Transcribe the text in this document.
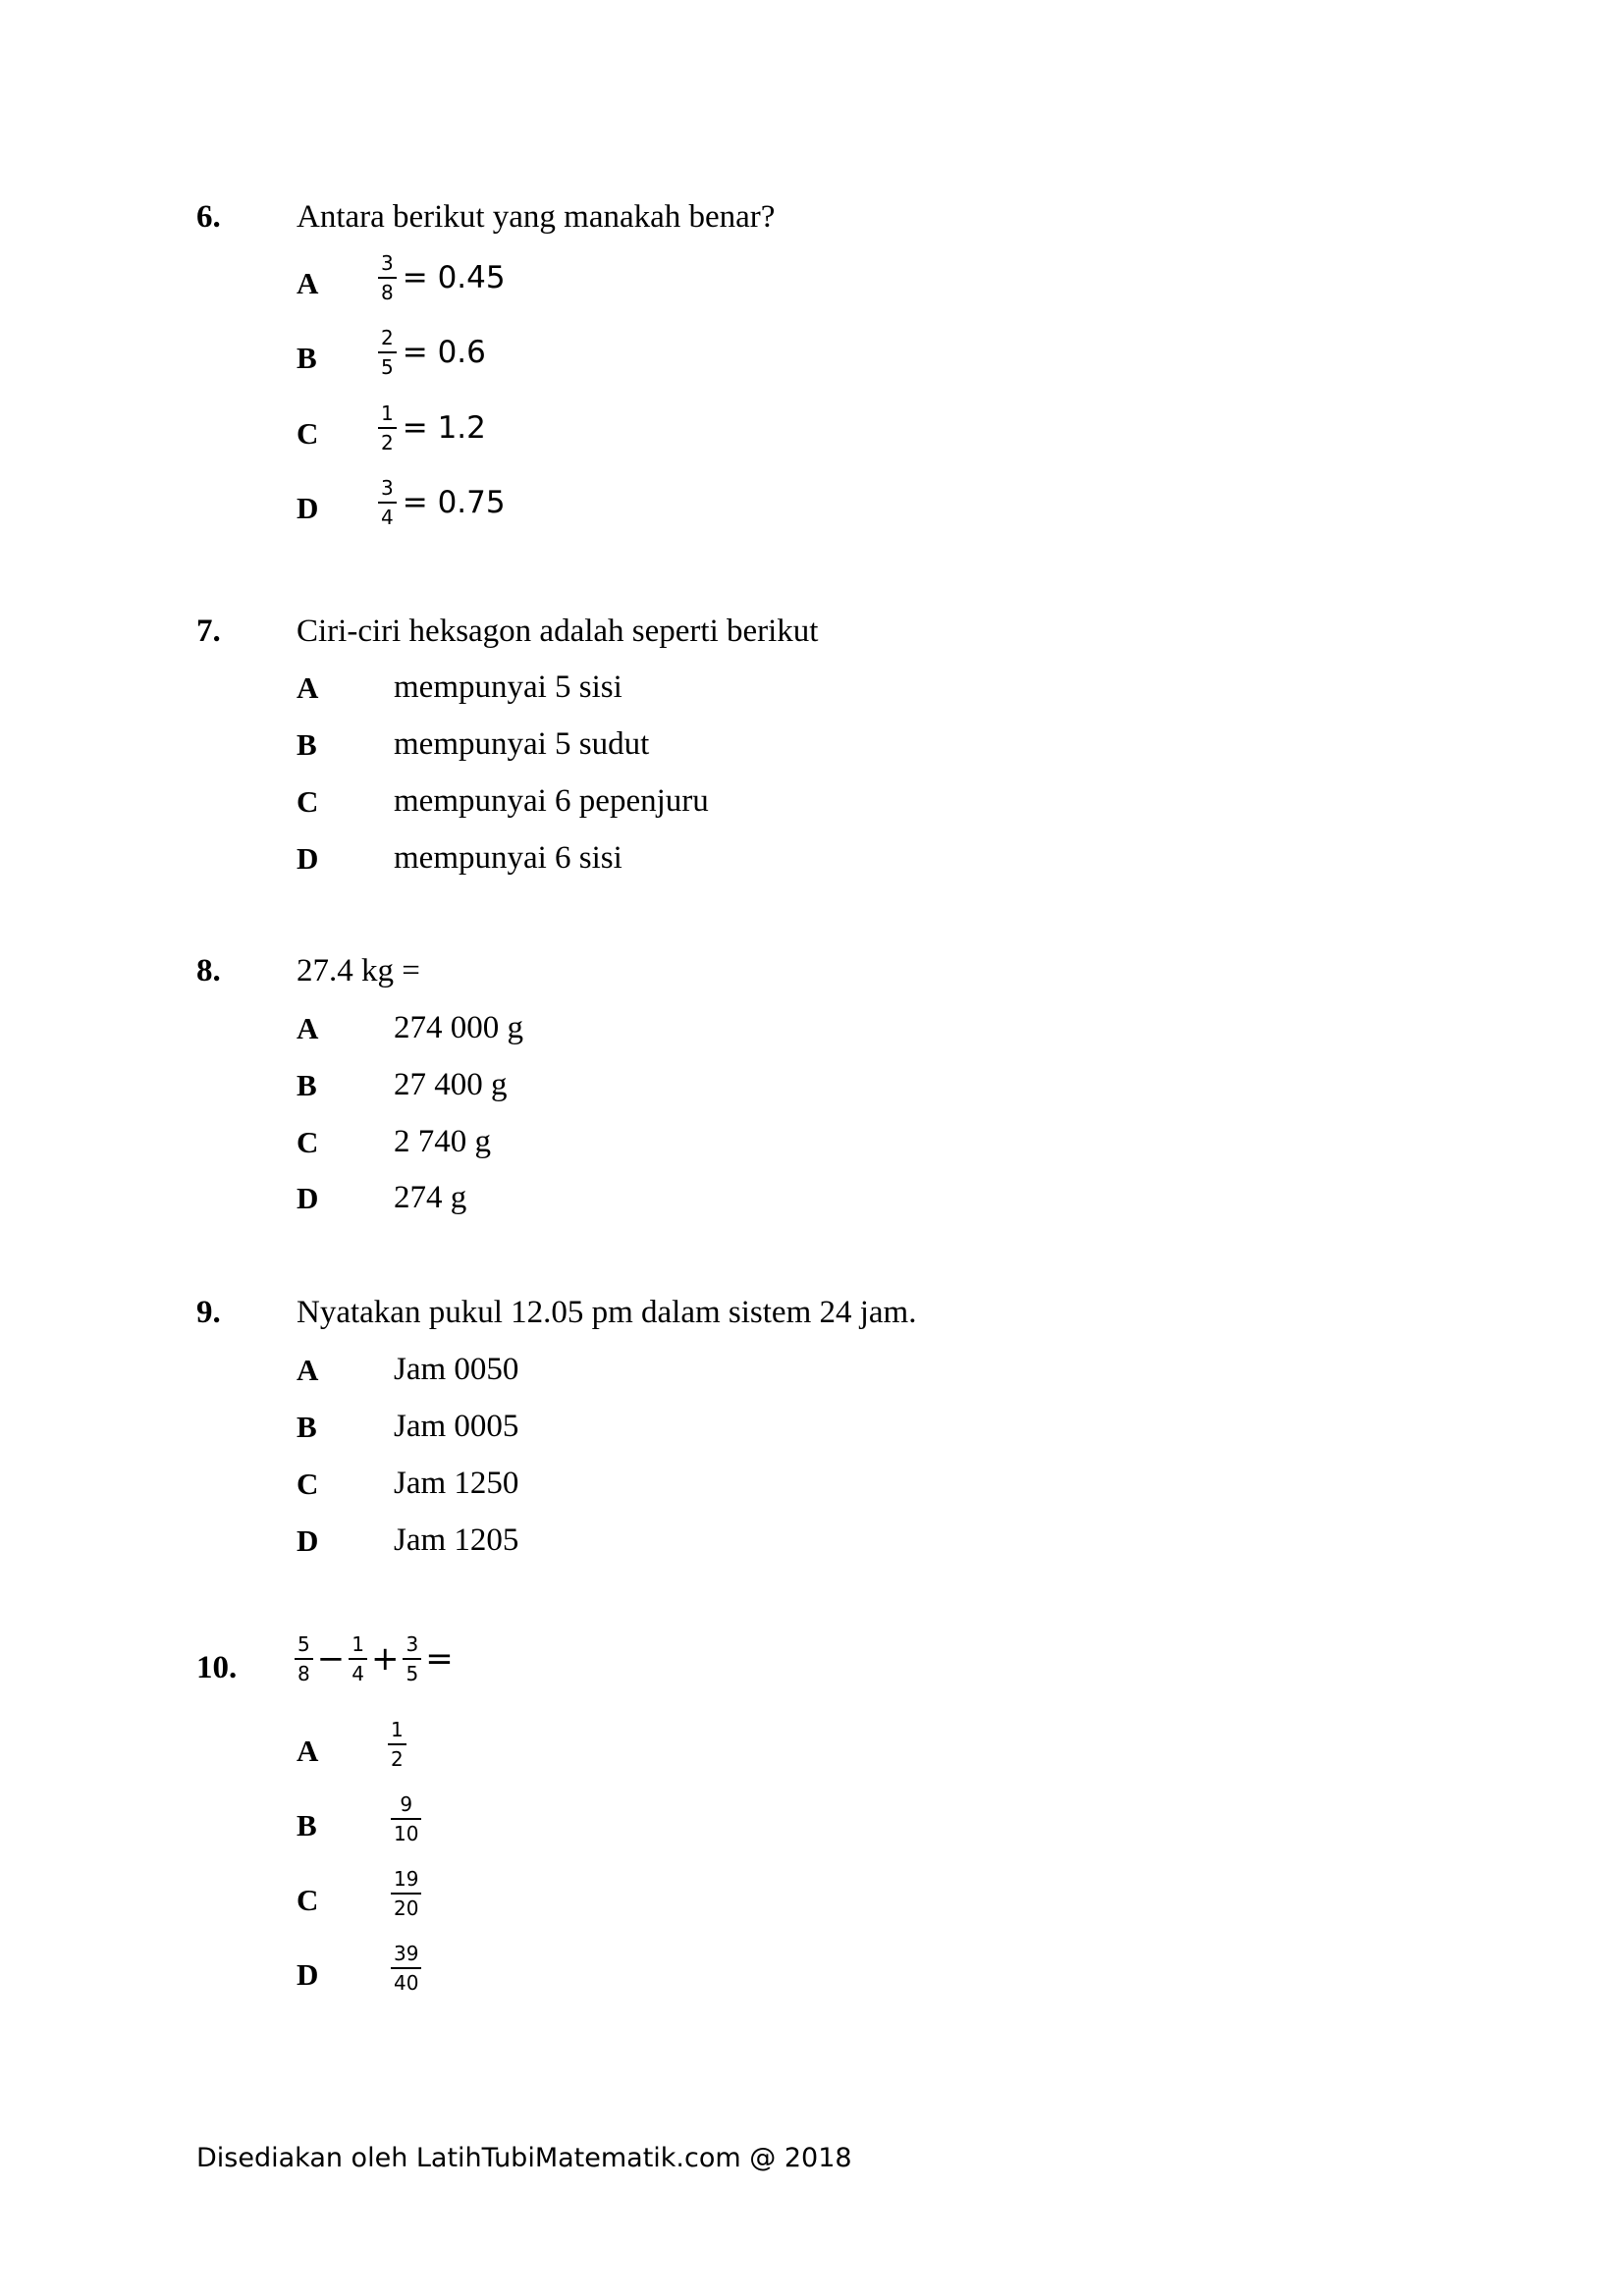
6. Antara berikut yang manakah benar?
A	$\frac{3}{8} = 0.45$
B	$\frac{2}{5} = 0.6$
C	$\frac{1}{2} = 1.2$
D	$\frac{3}{4} = 0.75$
7. Ciri-ciri heksagon adalah seperti berikut
A mempunyai 5 sisi
B mempunyai 5 sudut
C mempunyai 6 pepenjuru
D mempunyai 6 sisi
8. 27.4 kg =
A 274 000 g
B 27 400 g
C 2 740 g
D 274 g
9. Nyatakan pukul 12.05 pm dalam sistem 24 jam.
A Jam 0050
B Jam 0005
C Jam 1250
D Jam 1205
10.	$\frac{5}{8} - \frac{1}{4} + \frac{3}{5}$ =
A	$\frac{1}{2}$
B	$\frac{9}{10}$
C	$\frac{19}{20}$
D	$\frac{39}{40}$
Disediakan oleh LatihTubiMatematik.com @ 2018
